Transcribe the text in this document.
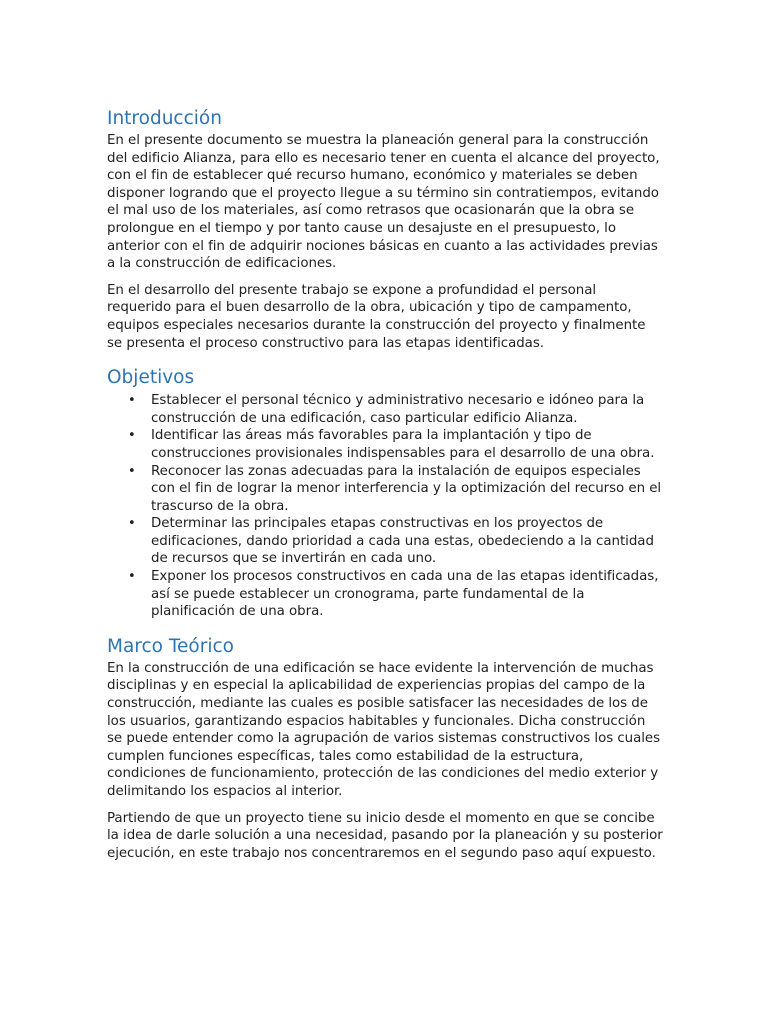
Introducción

En el presente documento se muestra la planeación general para la construcción del edificio Alianza, para ello es necesario tener en cuenta el alcance del proyecto, con el fin de establecer qué recurso humano, económico y materiales se deben disponer logrando que el proyecto llegue a su término sin contratiempos, evitando el mal uso de los materiales, así como retrasos que ocasionarán que la obra se prolongue en el tiempo y por tanto cause un desajuste en el presupuesto, lo anterior con el fin de adquirir nociones básicas en cuanto a las actividades previas a la construcción de edificaciones.

En el desarrollo del presente trabajo se expone a profundidad el personal requerido para el buen desarrollo de la obra, ubicación y tipo de campamento, equipos especiales necesarios durante la construcción del proyecto y finalmente se presenta el proceso constructivo para las etapas identificadas.

Objetivos
• Establecer el personal técnico y administrativo necesario e idóneo para la construcción de una edificación, caso particular edificio Alianza.
• Identificar las áreas más favorables para la implantación y tipo de construcciones provisionales indispensables para el desarrollo de una obra.
• Reconocer las zonas adecuadas para la instalación de equipos especiales con el fin de lograr la menor interferencia y la optimización del recurso en el trascurso de la obra.
• Determinar las principales etapas constructivas en los proyectos de edificaciones, dando prioridad a cada una estas, obedeciendo a la cantidad de recursos que se invertirán en cada uno.
• Exponer los procesos constructivos en cada una de las etapas identificadas, así se puede establecer un cronograma, parte fundamental de la planificación de una obra.
Marco Teórico

En la construcción de una edificación se hace evidente la intervención de muchas disciplinas y en especial la aplicabilidad de experiencias propias del campo de la construcción, mediante las cuales es posible satisfacer las necesidades de los de los usuarios, garantizando espacios habitables y funcionales. Dicha construcción se puede entender como la agrupación de varios sistemas constructivos los cuales cumplen funciones específicas, tales como estabilidad de la estructura, condiciones de funcionamiento, protección de las condiciones del medio exterior y delimitando los espacios al interior.

Partiendo de que un proyecto tiene su inicio desde el momento en que se concibe la idea de darle solución a una necesidad, pasando por la planeación y su posterior ejecución, en este trabajo nos concentraremos en el segundo paso aquí expuesto.
